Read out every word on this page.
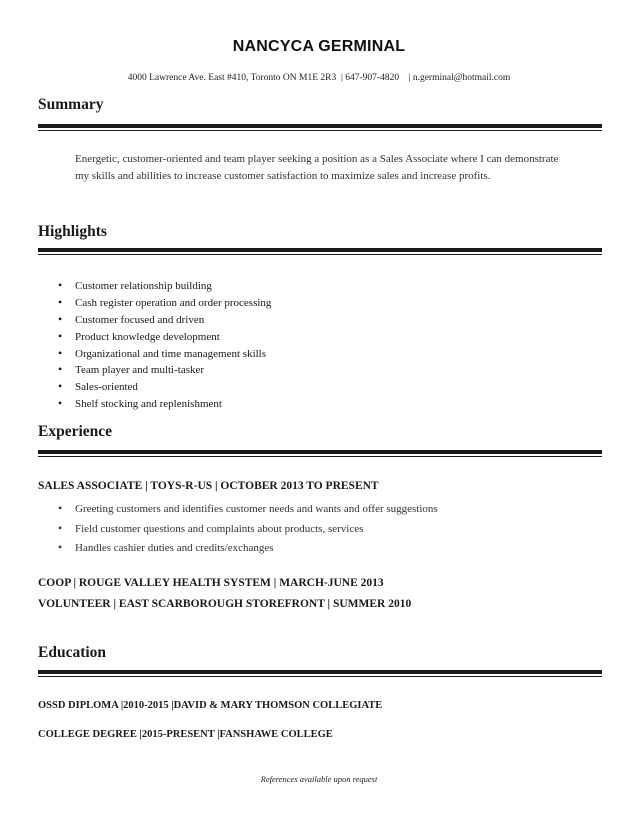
NANCYCA GERMINAL
4000 Lawrence Ave. East #410, Toronto ON M1E 2R3  | 647-907-4820    | n.germinal@hotmail.com
Summary
Energetic, customer-oriented and team player seeking a position as a Sales Associate where I can demonstrate my skills and abilities to increase customer satisfaction to maximize sales and increase profits.
Highlights
• Customer relationship building
• Cash register operation and order processing
• Customer focused and driven
• Product knowledge development
• Organizational and time management skills
• Team player and multi-tasker
• Sales-oriented
• Shelf stocking and replenishment
Experience
SALES ASSOCIATE | TOYS-R-US | OCTOBER 2013 TO PRESENT
• Greeting customers and identifies customer needs and wants and offer suggestions
• Field customer questions and complaints about products, services
• Handles cashier duties and credits/exchanges
COOP | ROUGE VALLEY HEALTH SYSTEM | MARCH-JUNE 2013
VOLUNTEER | EAST SCARBOROUGH STOREFRONT | SUMMER 2010
Education
OSSD DIPLOMA |2010-2015 |DAVID & MARY THOMSON COLLEGIATE
COLLEGE DEGREE |2015-PRESENT |FANSHAWE COLLEGE
References available upon request
